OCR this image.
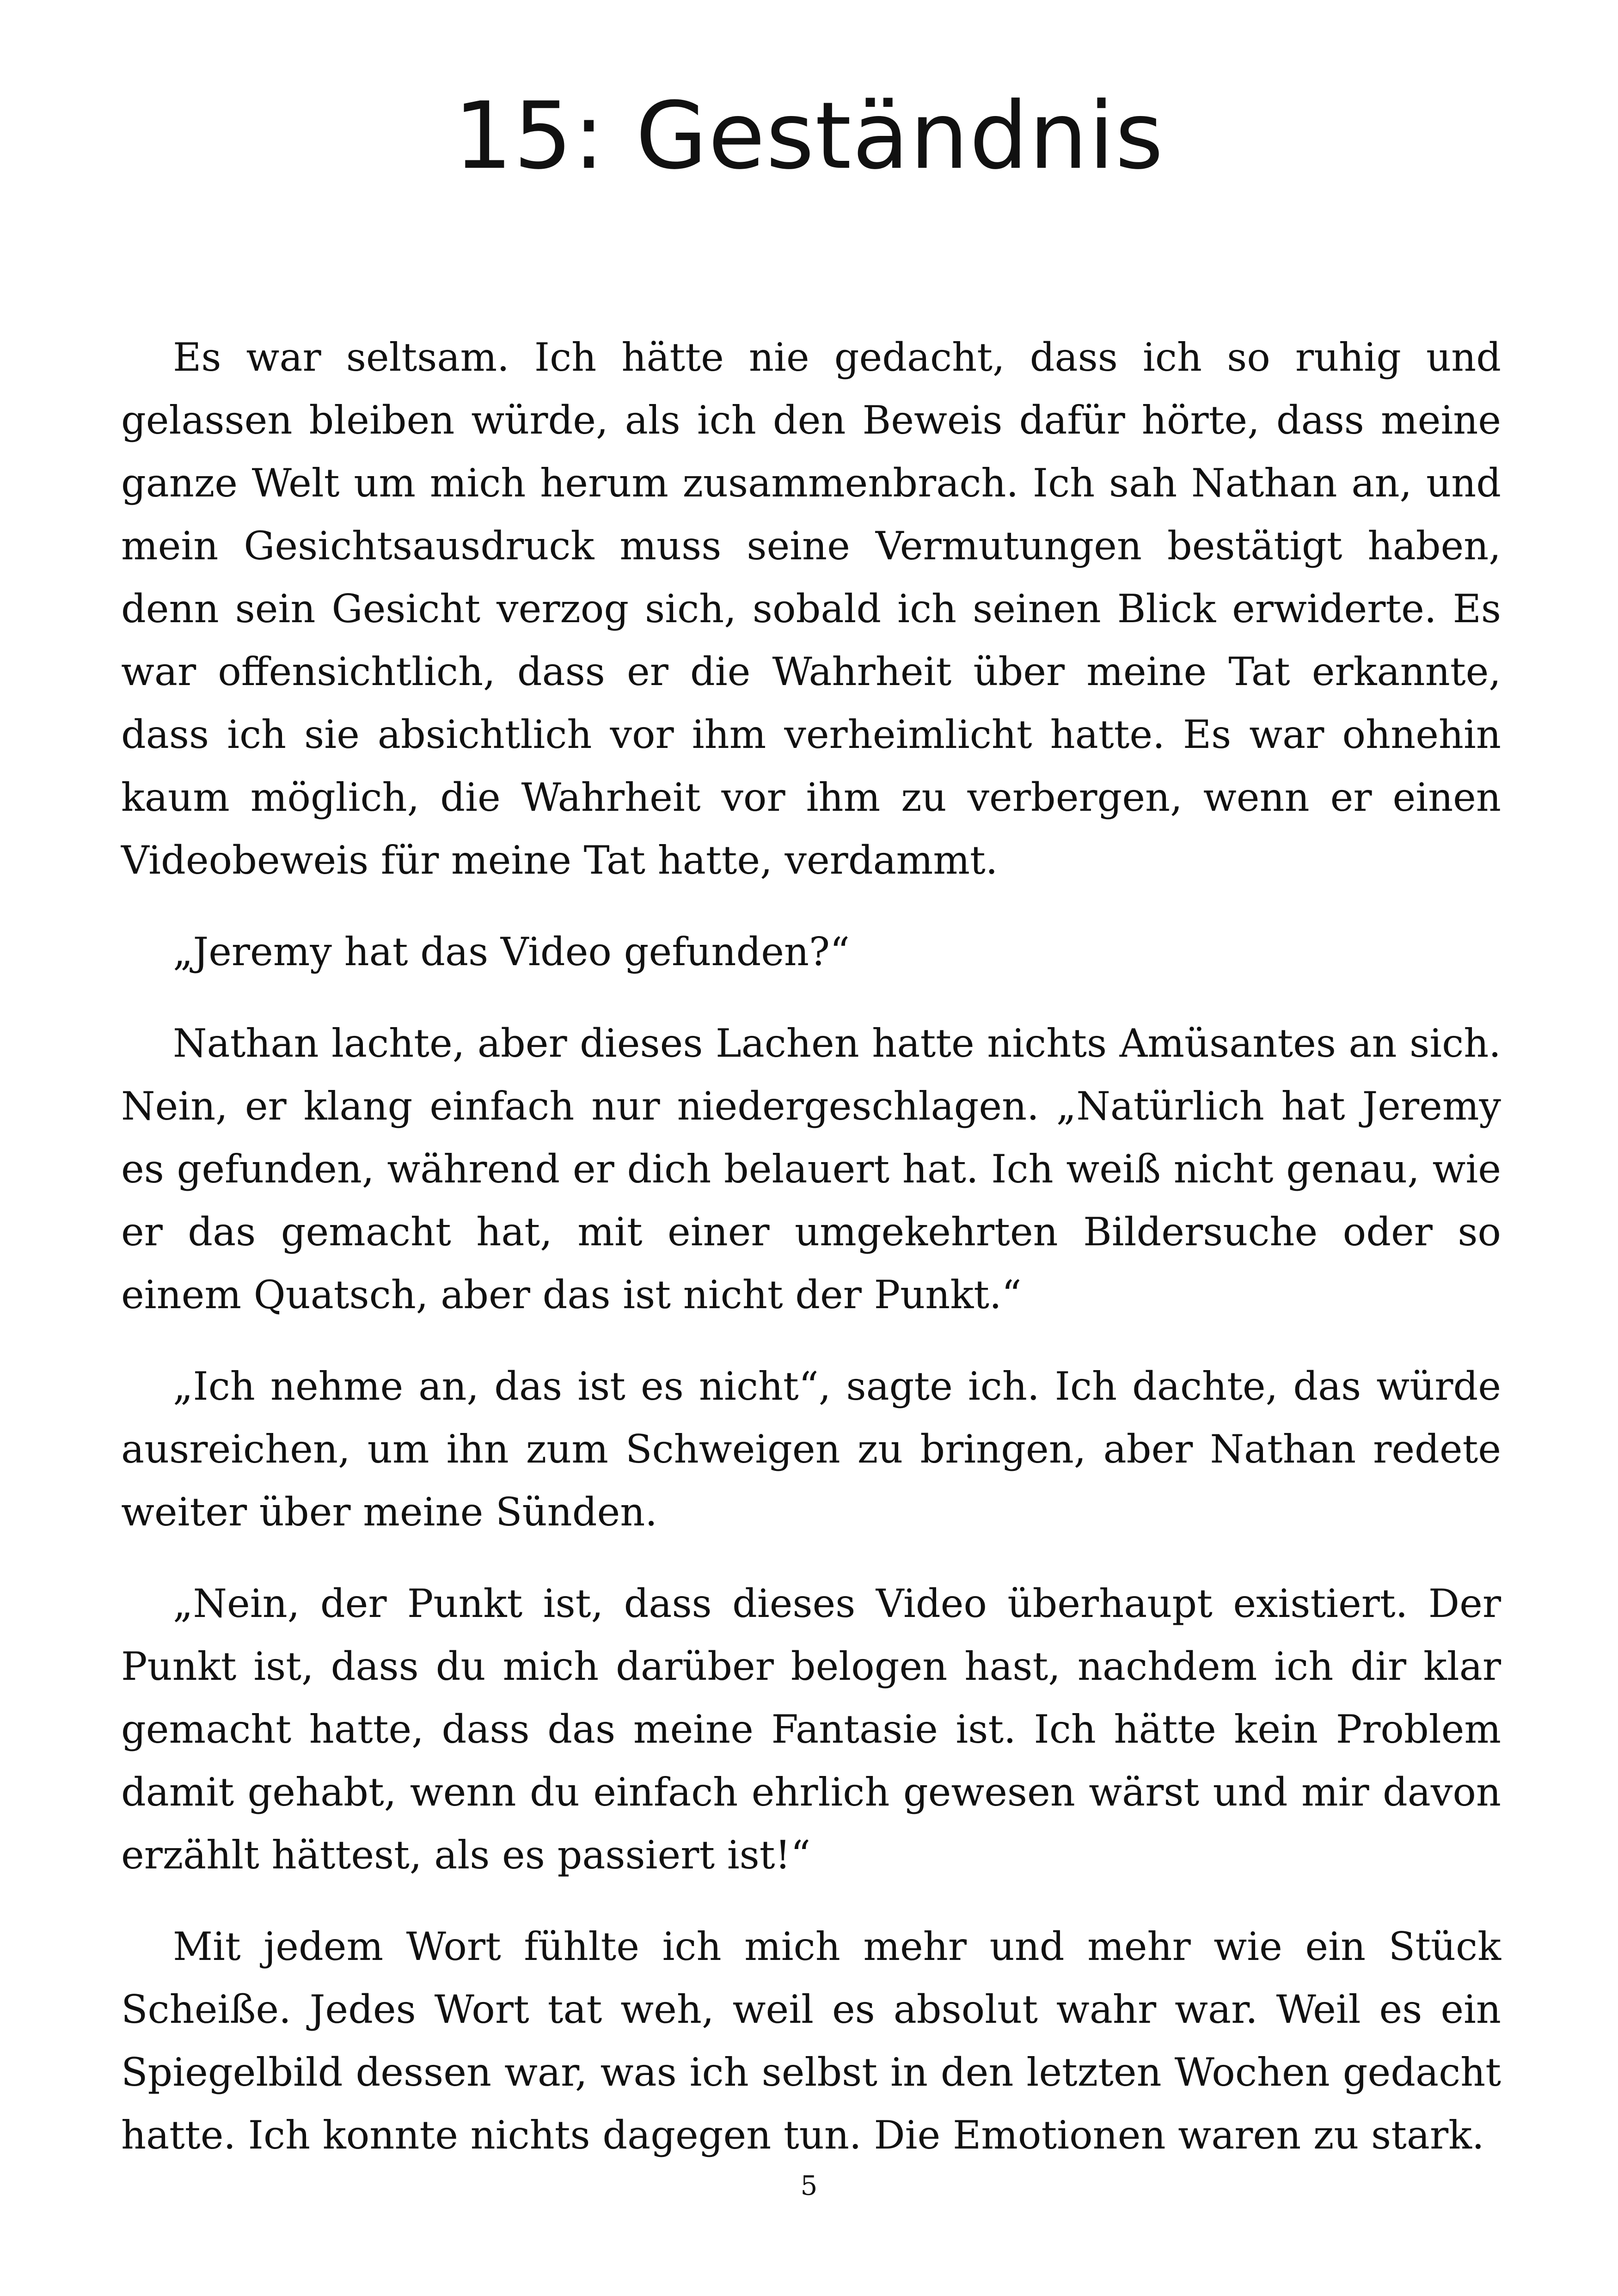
15: Geständnis

Es war seltsam. Ich hätte nie gedacht, dass ich so ruhig und gelassen bleiben würde, als ich den Beweis dafür hörte, dass meine ganze Welt um mich herum zusammenbrach. Ich sah Nathan an, und mein Gesichtsausdruck muss seine Vermutungen bestätigt haben, denn sein Gesicht verzog sich, sobald ich seinen Blick erwiderte. Es war offensichtlich, dass er die Wahrheit über meine Tat erkannte, dass ich sie absichtlich vor ihm verheimlicht hatte. Es war ohnehin kaum möglich, die Wahrheit vor ihm zu verbergen, wenn er einen Videobeweis für meine Tat hatte, verdammt.

„Jeremy hat das Video gefunden?“

Nathan lachte, aber dieses Lachen hatte nichts Amüsantes an sich. Nein, er klang einfach nur niedergeschlagen. „Natürlich hat Jeremy es gefunden, während er dich belauert hat. Ich weiß nicht genau, wie er das gemacht hat, mit einer umgekehrten Bildersuche oder so einem Quatsch, aber das ist nicht der Punkt.“

„Ich nehme an, das ist es nicht“, sagte ich. Ich dachte, das würde ausreichen, um ihn zum Schweigen zu bringen, aber Nathan redete weiter über meine Sünden.

„Nein, der Punkt ist, dass dieses Video überhaupt existiert. Der Punkt ist, dass du mich darüber belogen hast, nachdem ich dir klar gemacht hatte, dass das meine Fantasie ist. Ich hätte kein Problem damit gehabt, wenn du einfach ehrlich gewesen wärst und mir davon erzählt hättest, als es passiert ist!“

Mit jedem Wort fühlte ich mich mehr und mehr wie ein Stück Scheiße. Jedes Wort tat weh, weil es absolut wahr war. Weil es ein Spiegelbild dessen war, was ich selbst in den letzten Wochen gedacht hatte. Ich konnte nichts dagegen tun. Die Emotionen waren zu stark.

5
